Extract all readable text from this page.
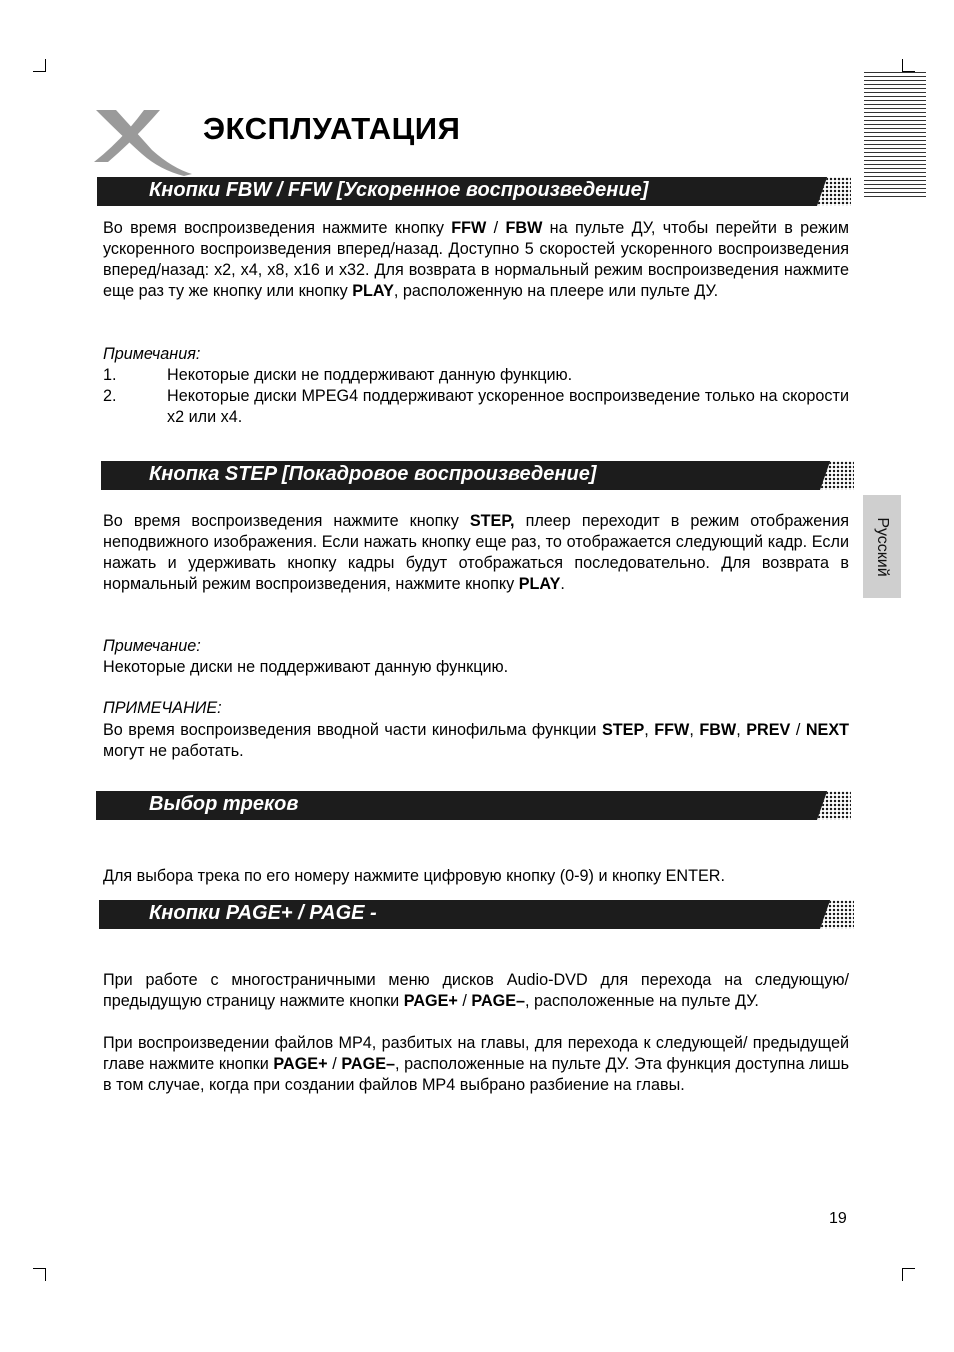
Русский
ЭКСПЛУАТАЦИЯ
Кнопки FBW / FFW [Ускоренное воспроизведение]
Во время воспроизведения нажмите кнопку FFW / FBW на пульте ДУ, чтобы перейти в режим ускоренного воспроизведения вперед/назад. Доступно 5 скоростей ускоренного воспроизведения вперед/назад: x2, x4, x8, x16 и x32. Для возврата в нормальный режим воспроизведения нажмите еще раз ту же кнопку или кнопку PLAY, расположенную на плеере или пульте ДУ.
Примечания:
1.	Некоторые диски не поддерживают данную функцию.
2.	Некоторые диски MPEG4 поддерживают ускоренное воспроизведение только на скорости x2 или x4.
Кнопка STEP [Покадровое воспроизведение]
Во время воспроизведения нажмите кнопку STEP, плеер переходит в режим отображения неподвижного изображения. Если нажать кнопку еще раз, то отображается следующий кадр. Если нажать и удерживать кнопку кадры будут отображаться последовательно. Для возврата в нормальный режим воспроизведения, нажмите кнопку PLAY.
Примечание:
Некоторые диски не поддерживают данную функцию.
ПРИМЕЧАНИЕ:
Во время воспроизведения вводной части кинофильма функции STEP, FFW, FBW, PREV / NEXT могут не работать.
Выбор треков
Для выбора трека по его номеру нажмите цифровую кнопку (0-9) и кнопку ENTER.
Кнопки PAGE+ / PAGE -
При работе с многостраничными меню дисков Audio-DVD для перехода на следующую/ предыдущую страницу нажмите кнопки PAGE+ / PAGE–, расположенные на пульте ДУ.
При воспроизведении файлов MP4, разбитых на главы, для перехода к следующей/ предыдущей главе нажмите кнопки PAGE+ / PAGE–, расположенные на пульте ДУ. Эта функция доступна лишь в том случае, когда при создании файлов MP4 выбрано разбиение на главы.
19
